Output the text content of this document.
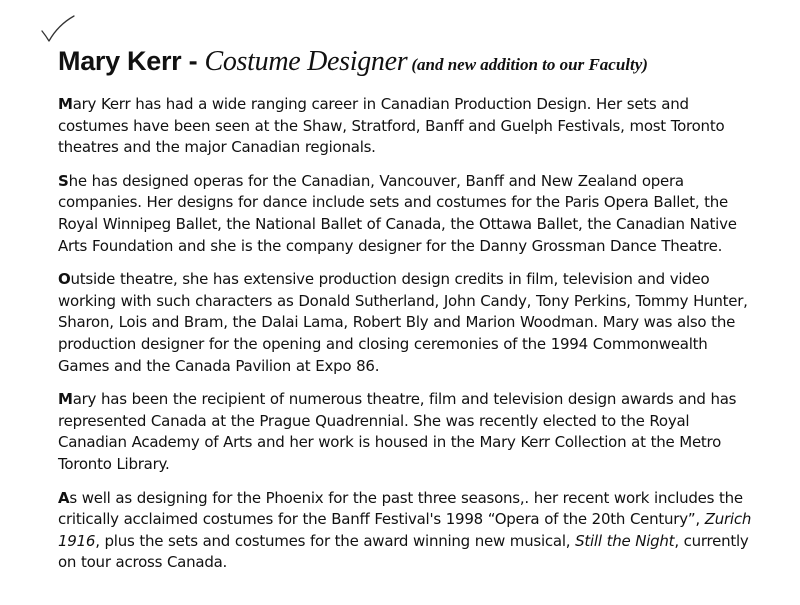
Mary Kerr - Costume Designer (and new addition to our Faculty)

Mary Kerr has had a wide ranging career in Canadian Production Design. Her sets and costumes have been seen at the Shaw, Stratford, Banff and Guelph Festivals, most Toronto theatres and the major Canadian regionals.

She has designed operas for the Canadian, Vancouver, Banff and New Zealand opera companies. Her designs for dance include sets and costumes for the Paris Opera Ballet, the Royal Winnipeg Ballet, the National Ballet of Canada, the Ottawa Ballet, the Canadian Native Arts Foundation and she is the company designer for the Danny Grossman Dance Theatre.

Outside theatre, she has extensive production design credits in film, television and video working with such characters as Donald Sutherland, John Candy, Tony Perkins, Tommy Hunter, Sharon, Lois and Bram, the Dalai Lama, Robert Bly and Marion Woodman. Mary was also the production designer for the opening and closing ceremonies of the 1994 Commonwealth Games and the Canada Pavilion at Expo 86.

Mary has been the recipient of numerous theatre, film and television design awards and has represented Canada at the Prague Quadrennial. She was recently elected to the Royal Canadian Academy of Arts and her work is housed in the Mary Kerr Collection at the Metro Toronto Library.

As well as designing for the Phoenix for the past three seasons,. her recent work includes the critically acclaimed costumes for the Banff Festival's 1998 “Opera of the 20th Century”, Zurich 1916, plus the sets and costumes for the award winning new musical, Still the Night, currently on tour across Canada.
